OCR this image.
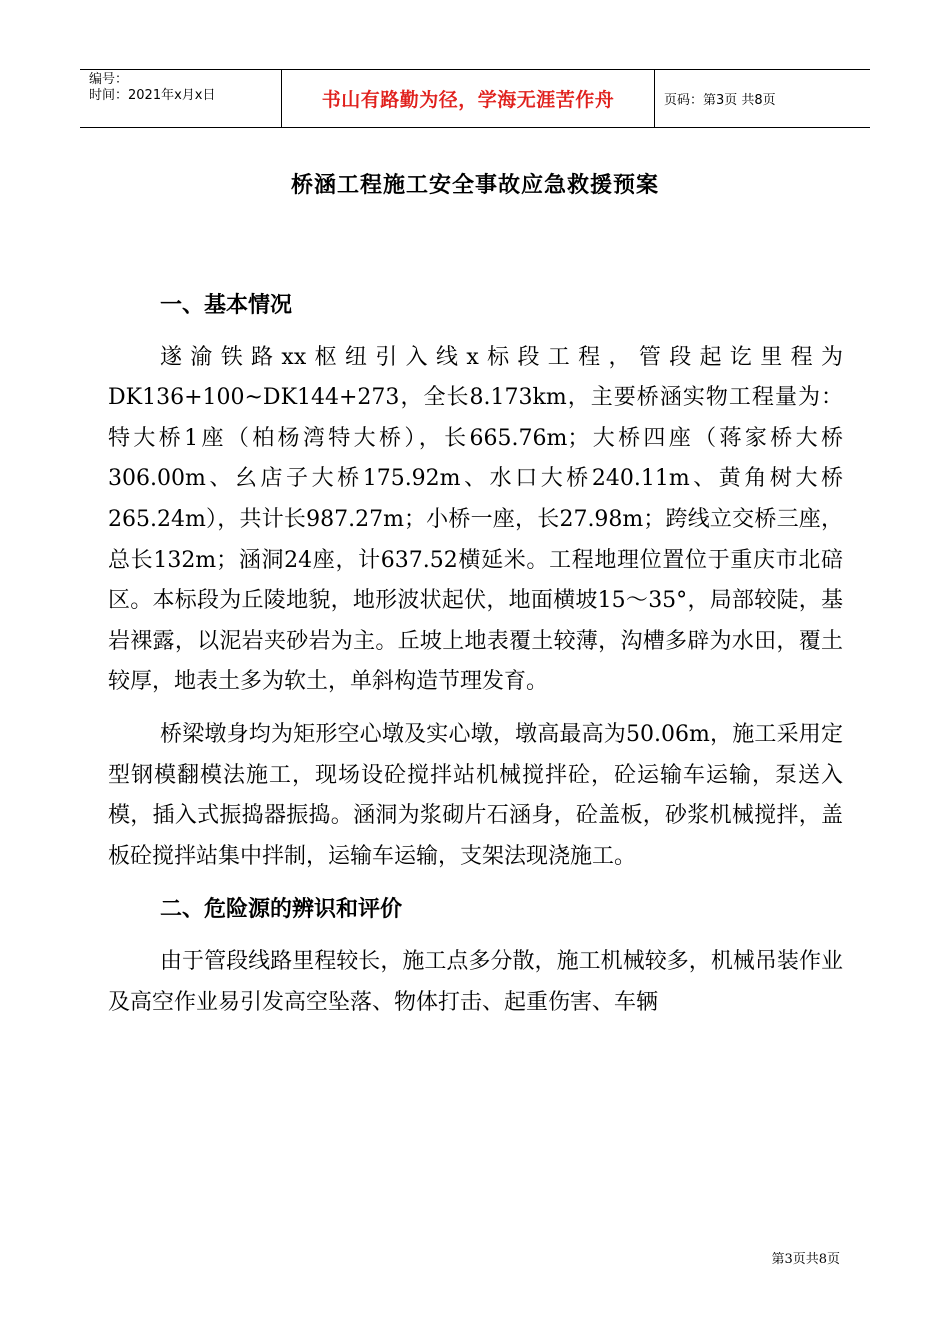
编号：
时间：2021年x月x日	书山有路勤为径，学海无涯苦作舟	页码：第3页 共8页
桥涵工程施工安全事故应急救援预案

一、基本情况

遂渝铁路xx枢纽引入线x标段工程，管段起讫里程为DK136+100~DK144+273，全长8.173km，主要桥涵实物工程量为：特大桥1座（柏杨湾特大桥），长665.76m；大桥四座（蒋家桥大桥306.00m、幺店子大桥175.92m、水口大桥240.11m、黄角树大桥265.24m），共计长987.27m；小桥一座，长27.98m；跨线立交桥三座，总长132m；涵洞24座，计637.52横延米。工程地理位置位于重庆市北碚区。本标段为丘陵地貌，地形波状起伏，地面横坡15～35°，局部较陡，基岩裸露，以泥岩夹砂岩为主。丘坡上地表覆土较薄，沟槽多辟为水田，覆土较厚，地表土多为软土，单斜构造节理发育。

桥梁墩身均为矩形空心墩及实心墩，墩高最高为50.06m，施工采用定型钢模翻模法施工，现场设砼搅拌站机械搅拌砼，砼运输车运输，泵送入模，插入式振捣器振捣。涵洞为浆砌片石涵身，砼盖板，砂浆机械搅拌，盖板砼搅拌站集中拌制，运输车运输，支架法现浇施工。

二、危险源的辨识和评价

由于管段线路里程较长，施工点多分散，施工机械较多，机械吊装作业及高空作业易引发高空坠落、物体打击、起重伤害、车辆

第3页共8页
